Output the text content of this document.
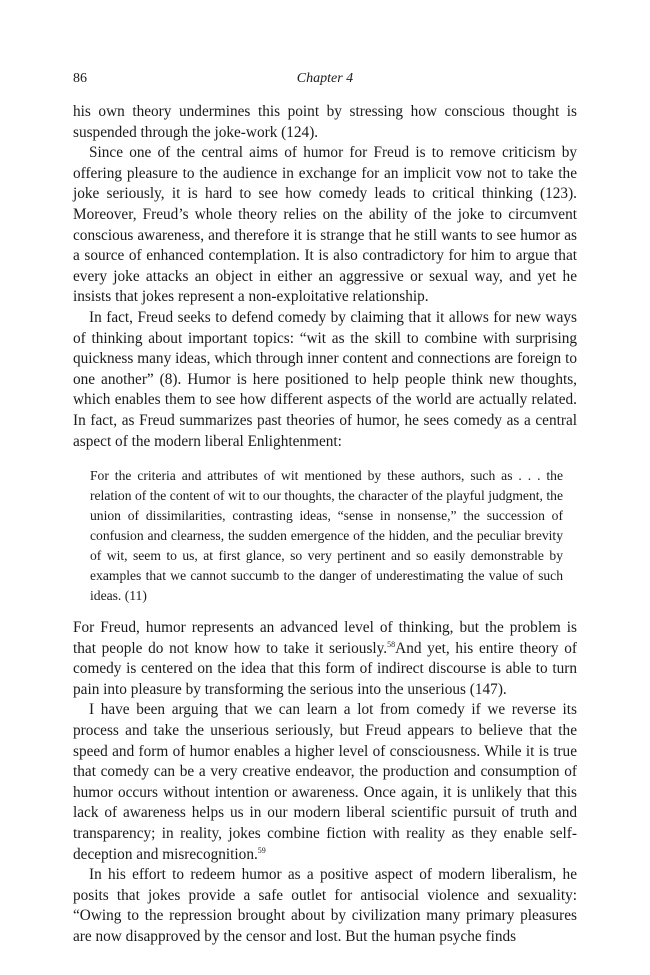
86	Chapter 4

his own theory undermines this point by stressing how conscious thought is suspended through the joke-work (124).

Since one of the central aims of humor for Freud is to remove criticism by offering pleasure to the audience in exchange for an implicit vow not to take the joke seriously, it is hard to see how comedy leads to critical thinking (123). Moreover, Freud’s whole theory relies on the ability of the joke to circumvent conscious awareness, and therefore it is strange that he still wants to see humor as a source of enhanced contemplation. It is also contradictory for him to argue that every joke attacks an object in either an aggressive or sexual way, and yet he insists that jokes represent a non-exploitative relationship.

In fact, Freud seeks to defend comedy by claiming that it allows for new ways of thinking about important topics: “wit as the skill to combine with surprising quickness many ideas, which through inner content and connections are foreign to one another” (8). Humor is here positioned to help people think new thoughts, which enables them to see how different aspects of the world are actually related. In fact, as Freud summarizes past theories of humor, he sees comedy as a central aspect of the modern liberal Enlightenment:

For the criteria and attributes of wit mentioned by these authors, such as . . . the relation of the content of wit to our thoughts, the character of the playful judgment, the union of dissimilarities, contrasting ideas, “sense in nonsense,” the succession of confusion and clearness, the sudden emergence of the hidden, and the peculiar brevity of wit, seem to us, at first glance, so very pertinent and so easily demonstrable by examples that we cannot succumb to the danger of underestimating the value of such ideas. (11)

For Freud, humor represents an advanced level of thinking, but the problem is that people do not know how to take it seriously.$^{58}$And yet, his entire theory of comedy is centered on the idea that this form of indirect discourse is able to turn pain into pleasure by transforming the serious into the unserious (147).

I have been arguing that we can learn a lot from comedy if we reverse its process and take the unserious seriously, but Freud appears to believe that the speed and form of humor enables a higher level of consciousness. While it is true that comedy can be a very creative endeavor, the production and consumption of humor occurs without intention or awareness. Once again, it is unlikely that this lack of awareness helps us in our modern liberal scientific pursuit of truth and transparency; in reality, jokes combine fiction with reality as they enable self-deception and misrecognition.$^{59}$

In his effort to redeem humor as a positive aspect of modern liberalism, he posits that jokes provide a safe outlet for antisocial violence and sexuality: “Owing to the repression brought about by civilization many primary pleasures are now disapproved by the censor and lost. But the human psyche finds
